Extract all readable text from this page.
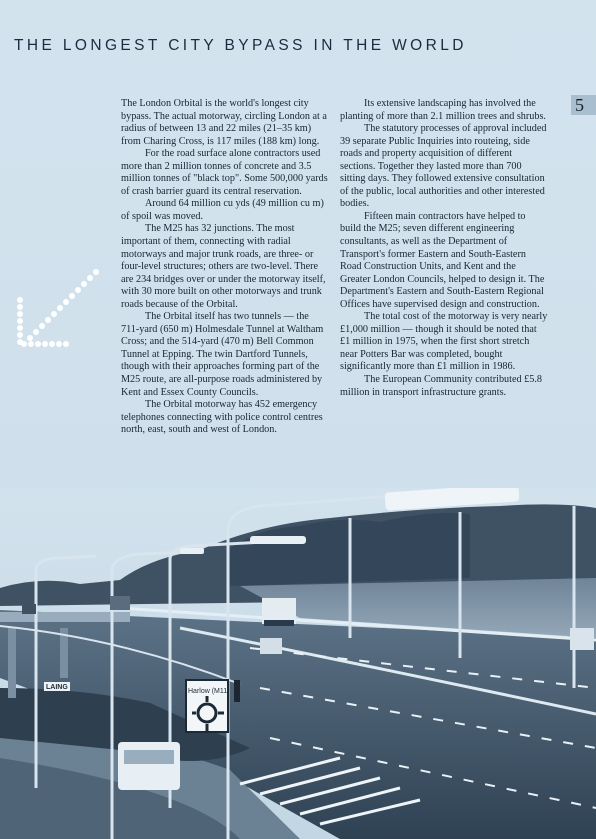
THE LONGEST CITY BYPASS IN THE WORLD
5

The London Orbital is the world's longest city bypass. The actual motorway, circling London at a radius of between 13 and 22 miles (21–35 km) from Charing Cross, is 117 miles (188 km) long.

For the road surface alone contractors used more than 2 million tonnes of concrete and 3.5 million tonnes of "black top". Some 500,000 yards of crash barrier guard its central reservation.

Around 64 million cu yds (49 million cu m) of spoil was moved.

The M25 has 32 junctions. The most important of them, connecting with radial motorways and major trunk roads, are three- or four-level structures; others are two-level. There are 234 bridges over or under the motorway itself, with 30 more built on other motorways and trunk roads because of the Orbital.

The Orbital itself has two tunnels — the 711-yard (650 m) Holmesdale Tunnel at Waltham Cross; and the 514-yard (470 m) Bell Common Tunnel at Epping. The twin Dartford Tunnels, though with their approaches forming part of the M25 route, are all-purpose roads administered by Kent and Essex County Councils.

The Orbital motorway has 452 emergency telephones connecting with police control centres north, east, south and west of London.

Its extensive landscaping has involved the planting of more than 2.1 million trees and shrubs.

The statutory processes of approval included 39 separate Public Inquiries into routeing, side roads and property acquisition of different sections. Together they lasted more than 700 sitting days. They followed extensive consultation of the public, local authorities and other interested bodies.

Fifteen main contractors have helped to build the M25; seven different engineering consultants, as well as the Department of Transport's former Eastern and South-Eastern Road Construction Units, and Kent and the Greater London Councils, helped to design it. The Department's Eastern and South-Eastern Regional Offices have supervised design and construction.

The total cost of the motorway is very nearly £1,000 million — though it should be noted that £1 million in 1975, when the first short stretch near Potters Bar was completed, bought significantly more than £1 million in 1986.

The European Community contributed £5.8 million in transport infrastructure grants.

Harlow (M11)
LAING
